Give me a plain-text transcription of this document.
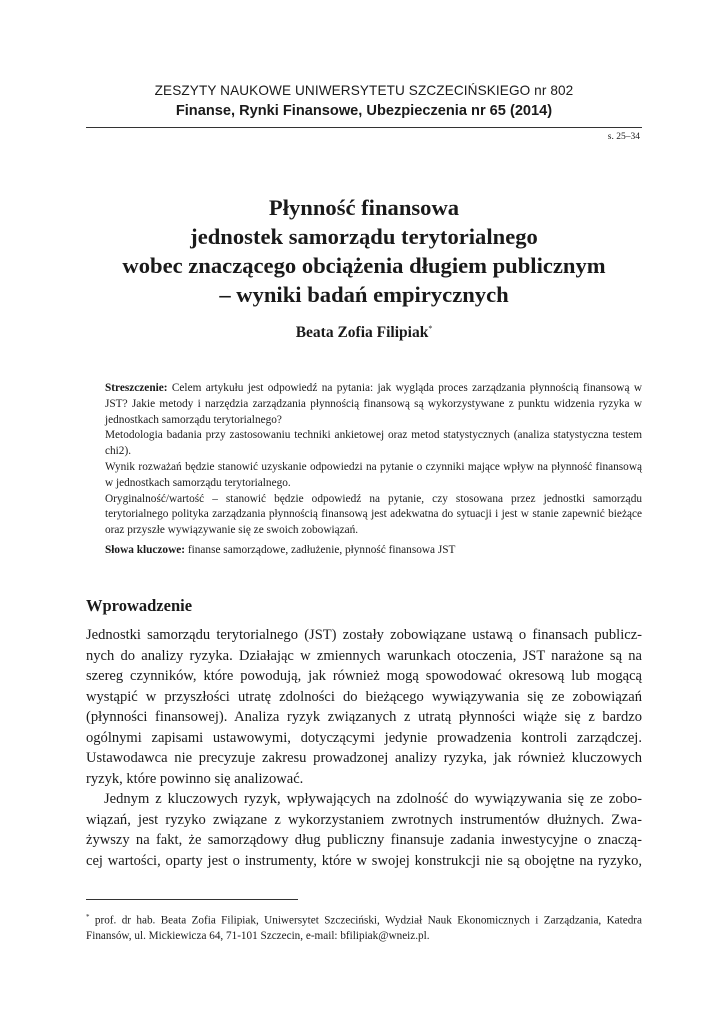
ZESZYTY NAUKOWE UNIWERSYTETU SZCZECIŃSKIEGO nr 802
Finanse, Rynki Finansowe, Ubezpieczenia nr 65 (2014)
s. 25–34
Płynność finansowa
jednostek samorządu terytorialnego
wobec znaczącego obciążenia długiem publicznym
– wyniki badań empirycznych
Beata Zofia Filipiak*

Streszczenie: Celem artykułu jest odpowiedź na pytania: jak wygląda proces zarządzania płynnością finansową w JST? Jakie metody i narzędzia zarządzania płynnością finansową są wykorzystywane z punktu widzenia ryzyka w jednostkach samorządu terytorialnego?

Metodologia badania przy zastosowaniu techniki ankietowej oraz metod statystycznych (analiza statystyczna testem chi2).

Wynik rozważań będzie stanowić uzyskanie odpowiedzi na pytanie o czynniki mające wpływ na płynność finansową w jednostkach samorządu terytorialnego.

Oryginalność/wartość – stanowić będzie odpowiedź na pytanie, czy stosowana przez jednostki samorządu terytorialnego polityka zarządzania płynnością finansową jest adekwatna do sytuacji i jest w stanie zapewnić bieżące oraz przyszłe wywiązywanie się ze swoich zobowiązań.

Słowa kluczowe: finanse samorządowe, zadłużenie, płynność finansowa JST
Wprowadzenie
Jednostki samorządu terytorialnego (JST) zostały zobowiązane ustawą o finansach publicz-
nych do analizy ryzyka. Działając w zmiennych warunkach otoczenia, JST narażone są na
szereg czynników, które powodują, jak również mogą spowodować okresową lub mogącą
wystąpić w przyszłości utratę zdolności do bieżącego wywiązywania się ze zobowiązań
(płynności finansowej). Analiza ryzyk związanych z utratą płynności wiąże się z bardzo
ogólnymi zapisami ustawowymi, dotyczącymi jedynie prowadzenia kontroli zarządczej.
Ustawodawca nie precyzuje zakresu prowadzonej analizy ryzyka, jak również kluczowych
ryzyk, które powinno się analizować.
Jednym z kluczowych ryzyk, wpływających na zdolność do wywiązywania się ze zobo-
wiązań, jest ryzyko związane z wykorzystaniem zwrotnych instrumentów dłużnych. Zwa-
żywszy na fakt, że samorządowy dług publiczny finansuje zadania inwestycyjne o znaczą-
cej wartości, oparty jest o instrumenty, które w swojej konstrukcji nie są obojętne na ryzyko,
* prof. dr hab. Beata Zofia Filipiak, Uniwersytet Szczeciński, Wydział Nauk Ekonomicznych i Zarządzania, Katedra Finansów, ul. Mickiewicza 64, 71-101 Szczecin, e-mail: bfilipiak@wneiz.pl.
